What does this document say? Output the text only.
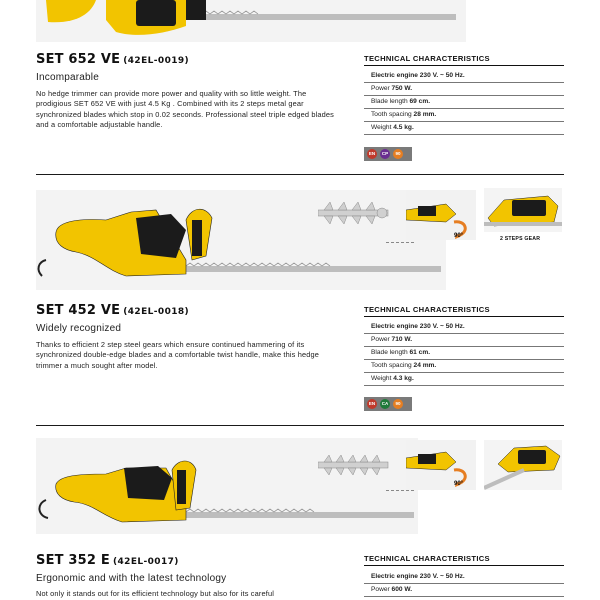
SET 652 VE (42EL-0019)
Incomparable
No hedge trimmer can provide more power and quality with so little weight. The prodigious SET 652 VE with just 4.5 Kg . Combined with its 2 steps metal gear synchronized blades which stop in 0.02 seconds. Professional steel triple edged blades and a comfortable adjustable handle.
TECHNICAL CHARACTERISTICS
Electric engine 230 V. ~ 50 Hz.
Power 750 W.
Blade length 69 cm.
Tooth spacing 28 mm.
Weight 4.5 kg.
EN	CP	90
90°	2 STEPS GEAR
SET 452 VE (42EL-0018)
Widely recognized
Thanks to efficient 2 step steel gears which ensure continued hammering of its synchronized double-edge blades and a comfortable twist handle, make this hedge trimmer a much sought after model.
TECHNICAL CHARACTERISTICS
Electric engine 230 V. ~ 50 Hz.
Power 710 W.
Blade length 61 cm.
Tooth spacing 24 mm.
Weight 4.3 kg.
EN	CA	90
90°
SET 352 E (42EL-0017)
Ergonomic and with the latest technology
Not only it stands out for its efficient technology but also for its careful
TECHNICAL CHARACTERISTICS
Electric engine 230 V. ~ 50 Hz.
Power 600 W.
